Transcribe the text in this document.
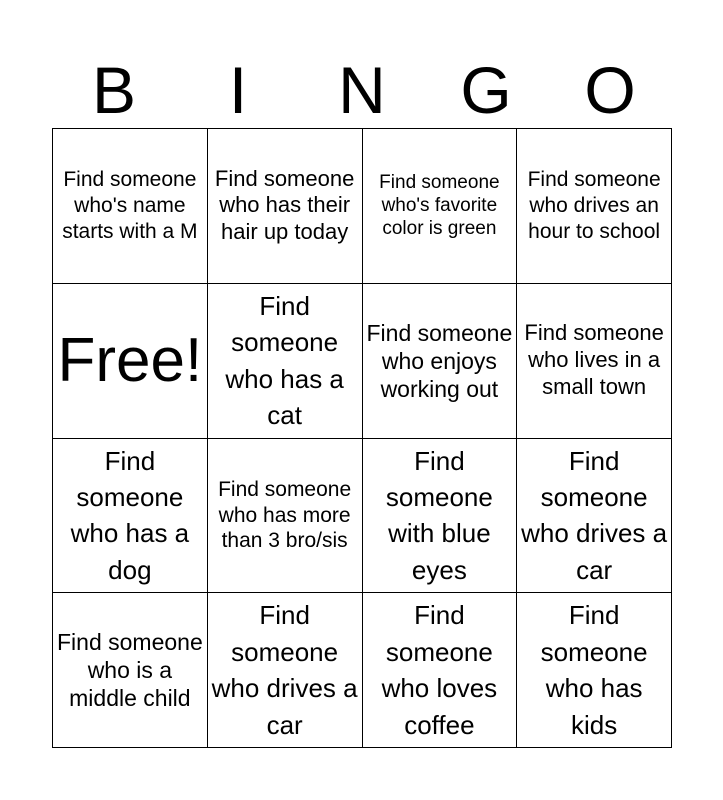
B	I	N	G	O
Find someone who's name starts with a M
Find someone who has their hair up today
Find someone who's favorite color is green
Find someone who drives an hour to school
Free!
Find someone who has a cat
Find someone who enjoys working out
Find someone who lives in a small town
Find someone who has a dog
Find someone who has more than 3 bro/sis
Find someone with blue eyes
Find someone who drives a car
Find someone who is a middle child
Find someone who drives a car
Find someone who loves coffee
Find someone who has kids
